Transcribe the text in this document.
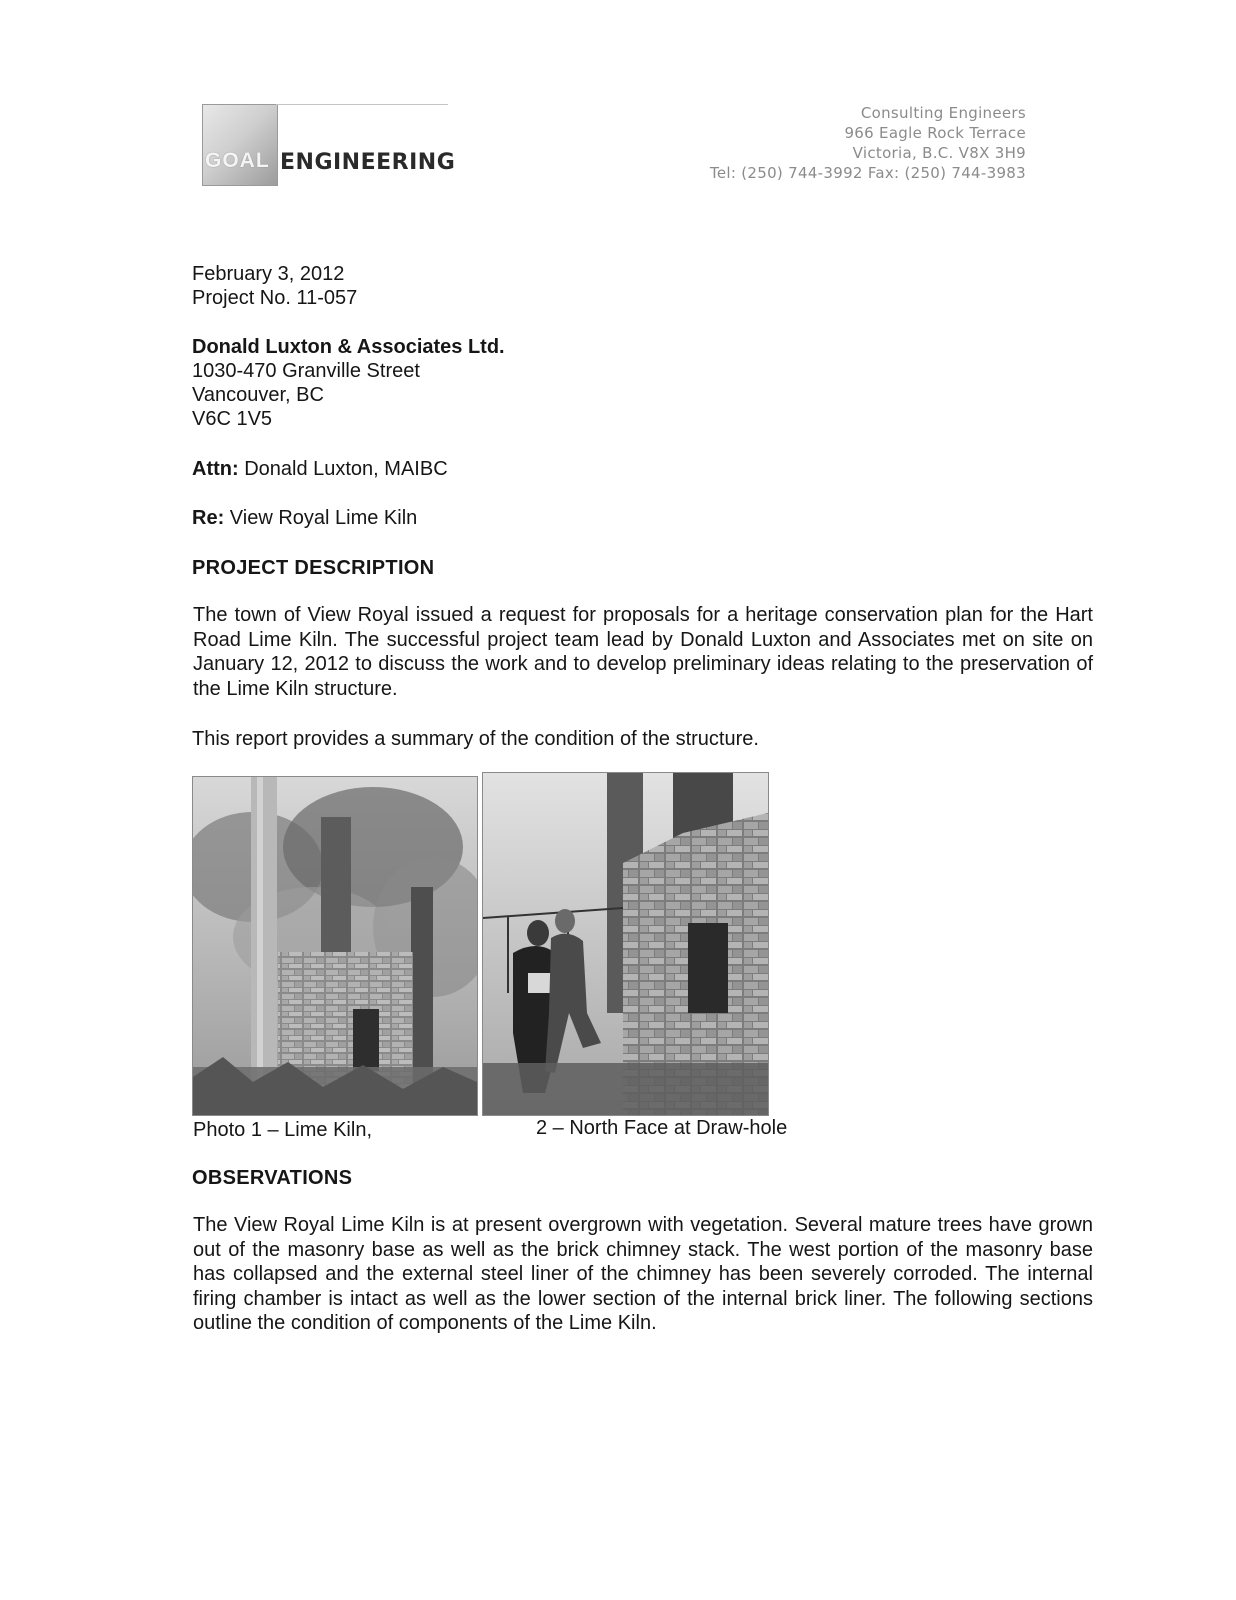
GOAL ENGINEERING
Consulting Engineers
966 Eagle Rock Terrace
Victoria, B.C. V8X 3H9
Tel: (250) 744-3992 Fax: (250) 744-3983
February 3, 2012
Project No. 11-057
Donald Luxton & Associates Ltd.
1030-470 Granville Street
Vancouver, BC
V6C 1V5
Attn: Donald Luxton, MAIBC
Re: View Royal Lime Kiln
PROJECT DESCRIPTION
The town of View Royal issued a request for proposals for a heritage conservation plan for the Hart Road Lime Kiln. The successful project team lead by Donald Luxton and Associates met on site on January 12, 2012 to discuss the work and to develop preliminary ideas relating to the preservation of the Lime Kiln structure.
This report provides a summary of the condition of the structure.
Photo 1 – Lime Kiln,	2 – North Face at Draw-hole
OBSERVATIONS
The View Royal Lime Kiln is at present overgrown with vegetation. Several mature trees have grown out of the masonry base as well as the brick chimney stack. The west portion of the masonry base has collapsed and the external steel liner of the chimney has been severely corroded. The internal firing chamber is intact as well as the lower section of the internal brick liner. The following sections outline the condition of components of the Lime Kiln.
